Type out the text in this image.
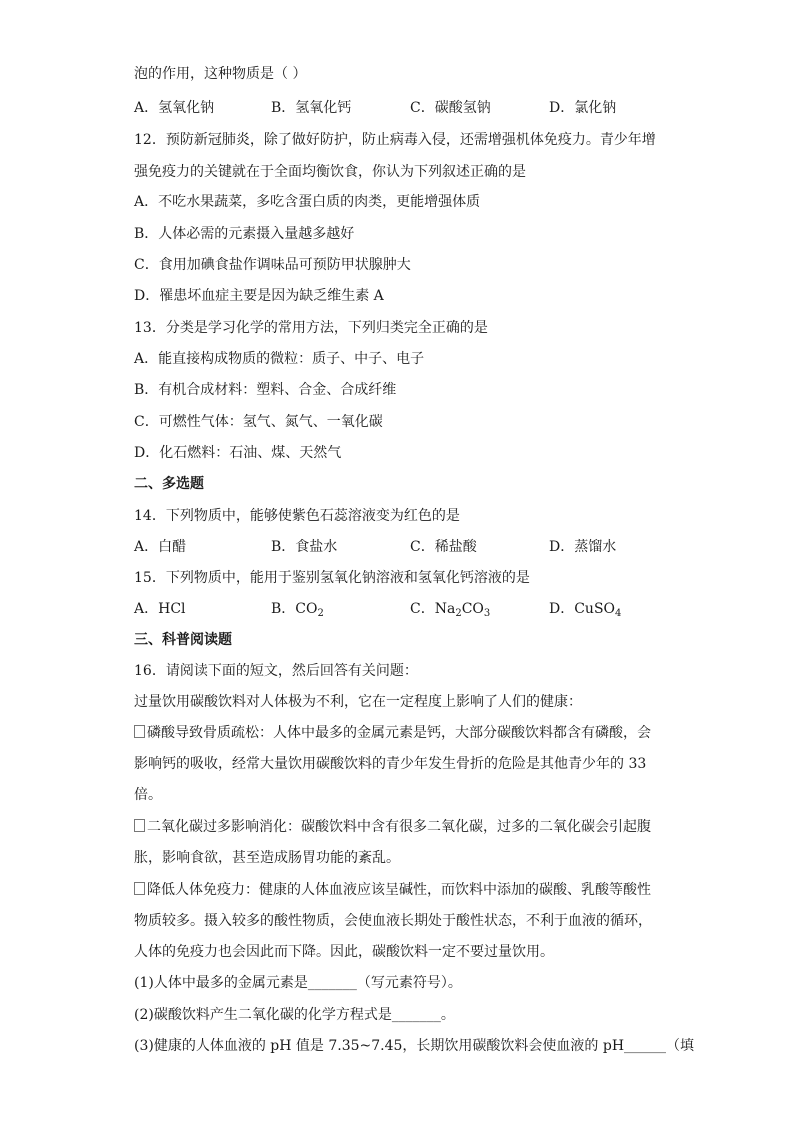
泡的作用，这种物质是（ ）
A．氢氧化钠	B．氢氧化钙	C．碳酸氢钠	D．氯化钠
12．预防新冠肺炎，除了做好防护，防止病毒入侵，还需增强机体免疫力。青少年增
强免疫力的关键就在于全面均衡饮食，你认为下列叙述正确的是
A．不吃水果蔬菜，多吃含蛋白质的肉类，更能增强体质
B．人体必需的元素摄入量越多越好
C．食用加碘食盐作调味品可预防甲状腺肿大
D．罹患坏血症主要是因为缺乏维生素 A
13．分类是学习化学的常用方法，下列归类完全正确的是
A．能直接构成物质的微粒：质子、中子、电子
B．有机合成材料：塑料、合金、合成纤维
C．可燃性气体：氢气、氮气、一氧化碳
D．化石燃料：石油、煤、天然气
二、多选题
14．下列物质中，能够使紫色石蕊溶液变为红色的是
A．白醋	B．食盐水	C．稀盐酸	D．蒸馏水
15．下列物质中，能用于鉴别氢氧化钠溶液和氢氧化钙溶液的是
A．HCl	B．$CO_2$	C．$Na_2CO_3$	D．CuSO$_4$
三、科普阅读题
16．请阅读下面的短文，然后回答有关问题：
过量饮用碳酸饮料对人体极为不利，它在一定程度上影响了人们的健康：
磷酸导致骨质疏松：人体中最多的金属元素是钙，大部分碳酸饮料都含有磷酸，会
影响钙的吸收，经常大量饮用碳酸饮料的青少年发生骨折的危险是其他青少年的 33
倍。
二氧化碳过多影响消化：碳酸饮料中含有很多二氧化碳，过多的二氧化碳会引起腹
胀，影响食欲，甚至造成肠胃功能的紊乱。
降低人体免疫力：健康的人体血液应该呈碱性，而饮料中添加的碳酸、乳酸等酸性
物质较多。摄入较多的酸性物质，会使血液长期处于酸性状态，不利于血液的循环，
人体的免疫力也会因此而下降。因此，碳酸饮料一定不要过量饮用。
(1)人体中最多的金属元素是_______（写元素符号）。
(2)碳酸饮料产生二氧化碳的化学方程式是_______。
(3)健康的人体血液的 pH 值是 7.35~7.45，长期饮用碳酸饮料会使血液的 pH______（填
